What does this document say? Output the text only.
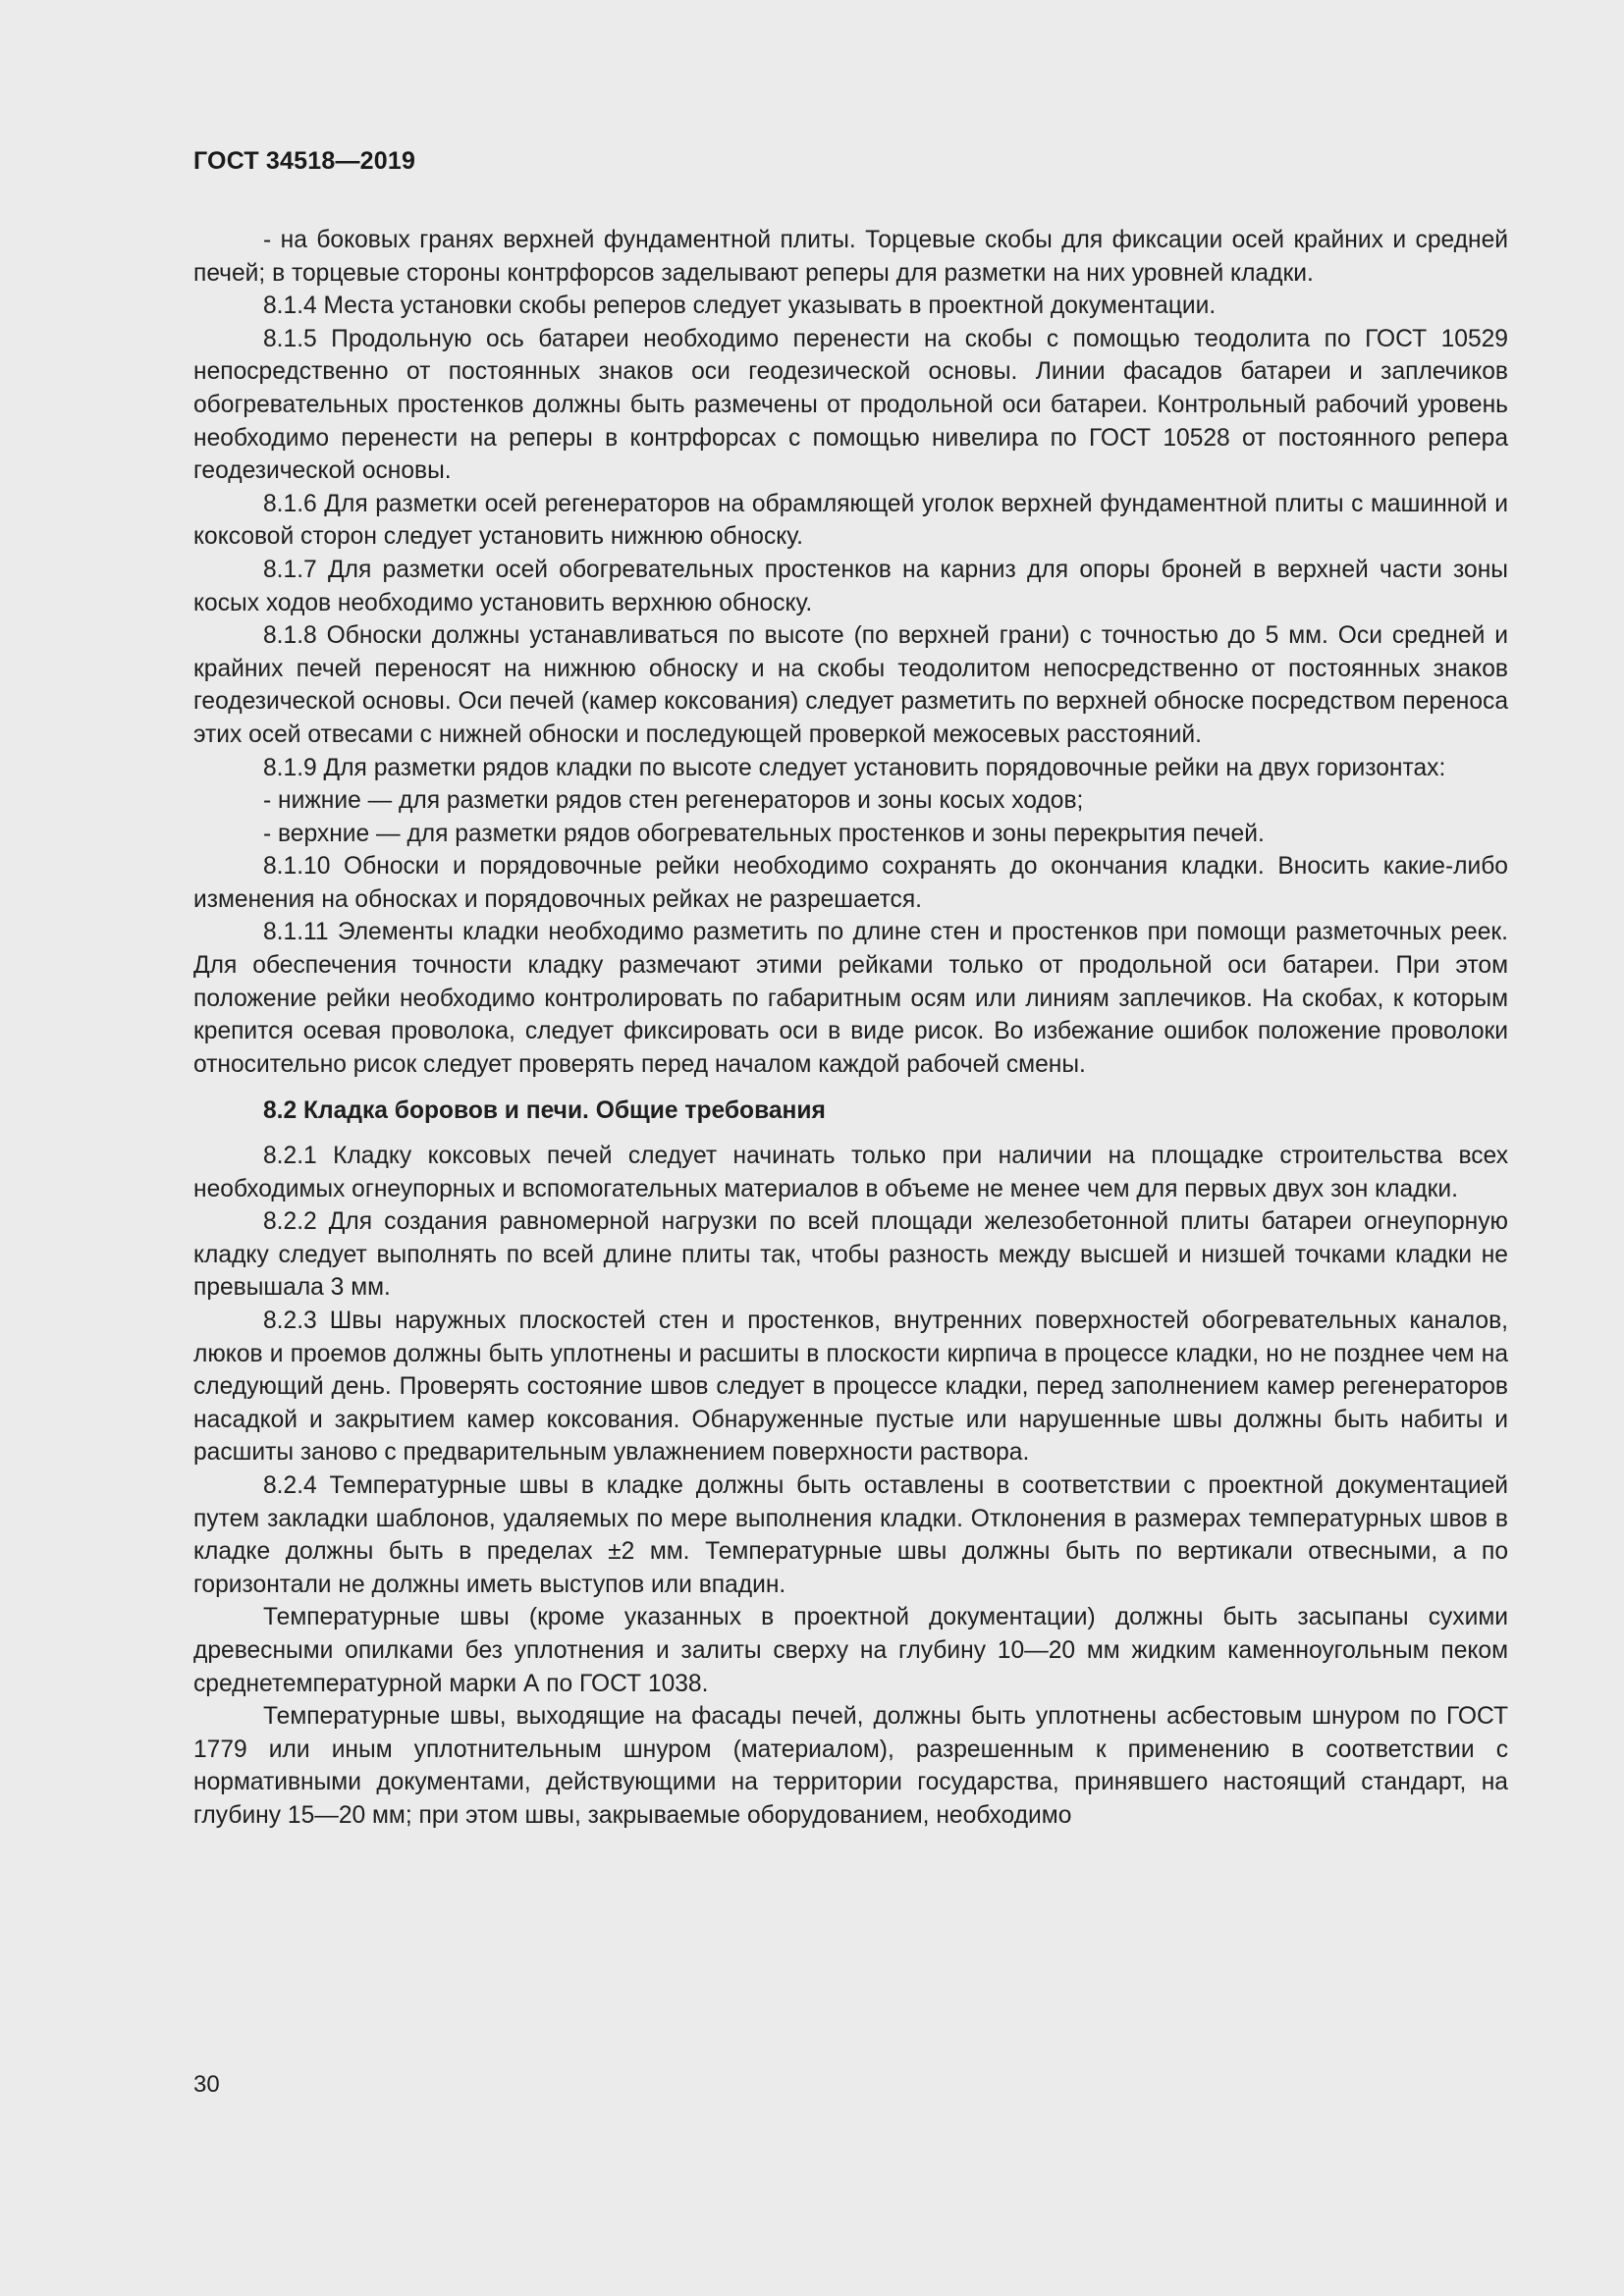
ГОСТ 34518—2019

- на боковых гранях верхней фундаментной плиты. Торцевые скобы для фиксации осей крайних и средней печей; в торцевые стороны контрфорсов заделывают реперы для разметки на них уровней кладки.

8.1.4 Места установки скобы реперов следует указывать в проектной документации.

8.1.5 Продольную ось батареи необходимо перенести на скобы с помощью теодолита по ГОСТ 10529 непосредственно от постоянных знаков оси геодезической основы. Линии фасадов батареи и заплечиков обогревательных простенков должны быть размечены от продольной оси батареи. Контрольный рабочий уровень необходимо перенести на реперы в контрфорсах с помощью нивелира по ГОСТ 10528 от постоянного репера геодезической основы.

8.1.6 Для разметки осей регенераторов на обрамляющей уголок верхней фундаментной плиты с машинной и коксовой сторон следует установить нижнюю обноску.

8.1.7 Для разметки осей обогревательных простенков на карниз для опоры броней в верхней части зоны косых ходов необходимо установить верхнюю обноску.

8.1.8 Обноски должны устанавливаться по высоте (по верхней грани) с точностью до 5 мм. Оси средней и крайних печей переносят на нижнюю обноску и на скобы теодолитом непосредственно от постоянных знаков геодезической основы. Оси печей (камер коксования) следует разметить по верхней обноске посредством переноса этих осей отвесами с нижней обноски и последующей проверкой межосевых расстояний.

8.1.9 Для разметки рядов кладки по высоте следует установить порядовочные рейки на двух горизонтах:

- нижние — для разметки рядов стен регенераторов и зоны косых ходов;

- верхние — для разметки рядов обогревательных простенков и зоны перекрытия печей.

8.1.10 Обноски и порядовочные рейки необходимо сохранять до окончания кладки. Вносить какие-либо изменения на обносках и порядовочных рейках не разрешается.

8.1.11 Элементы кладки необходимо разметить по длине стен и простенков при помощи разметочных реек. Для обеспечения точности кладку размечают этими рейками только от продольной оси батареи. При этом положение рейки необходимо контролировать по габаритным осям или линиям заплечиков. На скобах, к которым крепится осевая проволока, следует фиксировать оси в виде рисок. Во избежание ошибок положение проволоки относительно рисок следует проверять перед началом каждой рабочей смены.

8.2 Кладка боровов и печи. Общие требования

8.2.1 Кладку коксовых печей следует начинать только при наличии на площадке строительства всех необходимых огнеупорных и вспомогательных материалов в объеме не менее чем для первых двух зон кладки.

8.2.2 Для создания равномерной нагрузки по всей площади железобетонной плиты батареи огнеупорную кладку следует выполнять по всей длине плиты так, чтобы разность между высшей и низшей точками кладки не превышала 3 мм.

8.2.3 Швы наружных плоскостей стен и простенков, внутренних поверхностей обогревательных каналов, люков и проемов должны быть уплотнены и расшиты в плоскости кирпича в процессе кладки, но не позднее чем на следующий день. Проверять состояние швов следует в процессе кладки, перед заполнением камер регенераторов насадкой и закрытием камер коксования. Обнаруженные пустые или нарушенные швы должны быть набиты и расшиты заново с предварительным увлажнением поверхности раствора.

8.2.4 Температурные швы в кладке должны быть оставлены в соответствии с проектной документацией путем закладки шаблонов, удаляемых по мере выполнения кладки. Отклонения в размерах температурных швов в кладке должны быть в пределах ±2 мм. Температурные швы должны быть по вертикали отвесными, а по горизонтали не должны иметь выступов или впадин.

Температурные швы (кроме указанных в проектной документации) должны быть засыпаны сухими древесными опилками без уплотнения и залиты сверху на глубину 10—20 мм жидким каменноугольным пеком среднетемпературной марки А по ГОСТ 1038.

Температурные швы, выходящие на фасады печей, должны быть уплотнены асбестовым шнуром по ГОСТ 1779 или иным уплотнительным шнуром (материалом), разрешенным к применению в соответствии с нормативными документами, действующими на территории государства, принявшего настоящий стандарт, на глубину 15—20 мм; при этом швы, закрываемые оборудованием, необходимо

30
